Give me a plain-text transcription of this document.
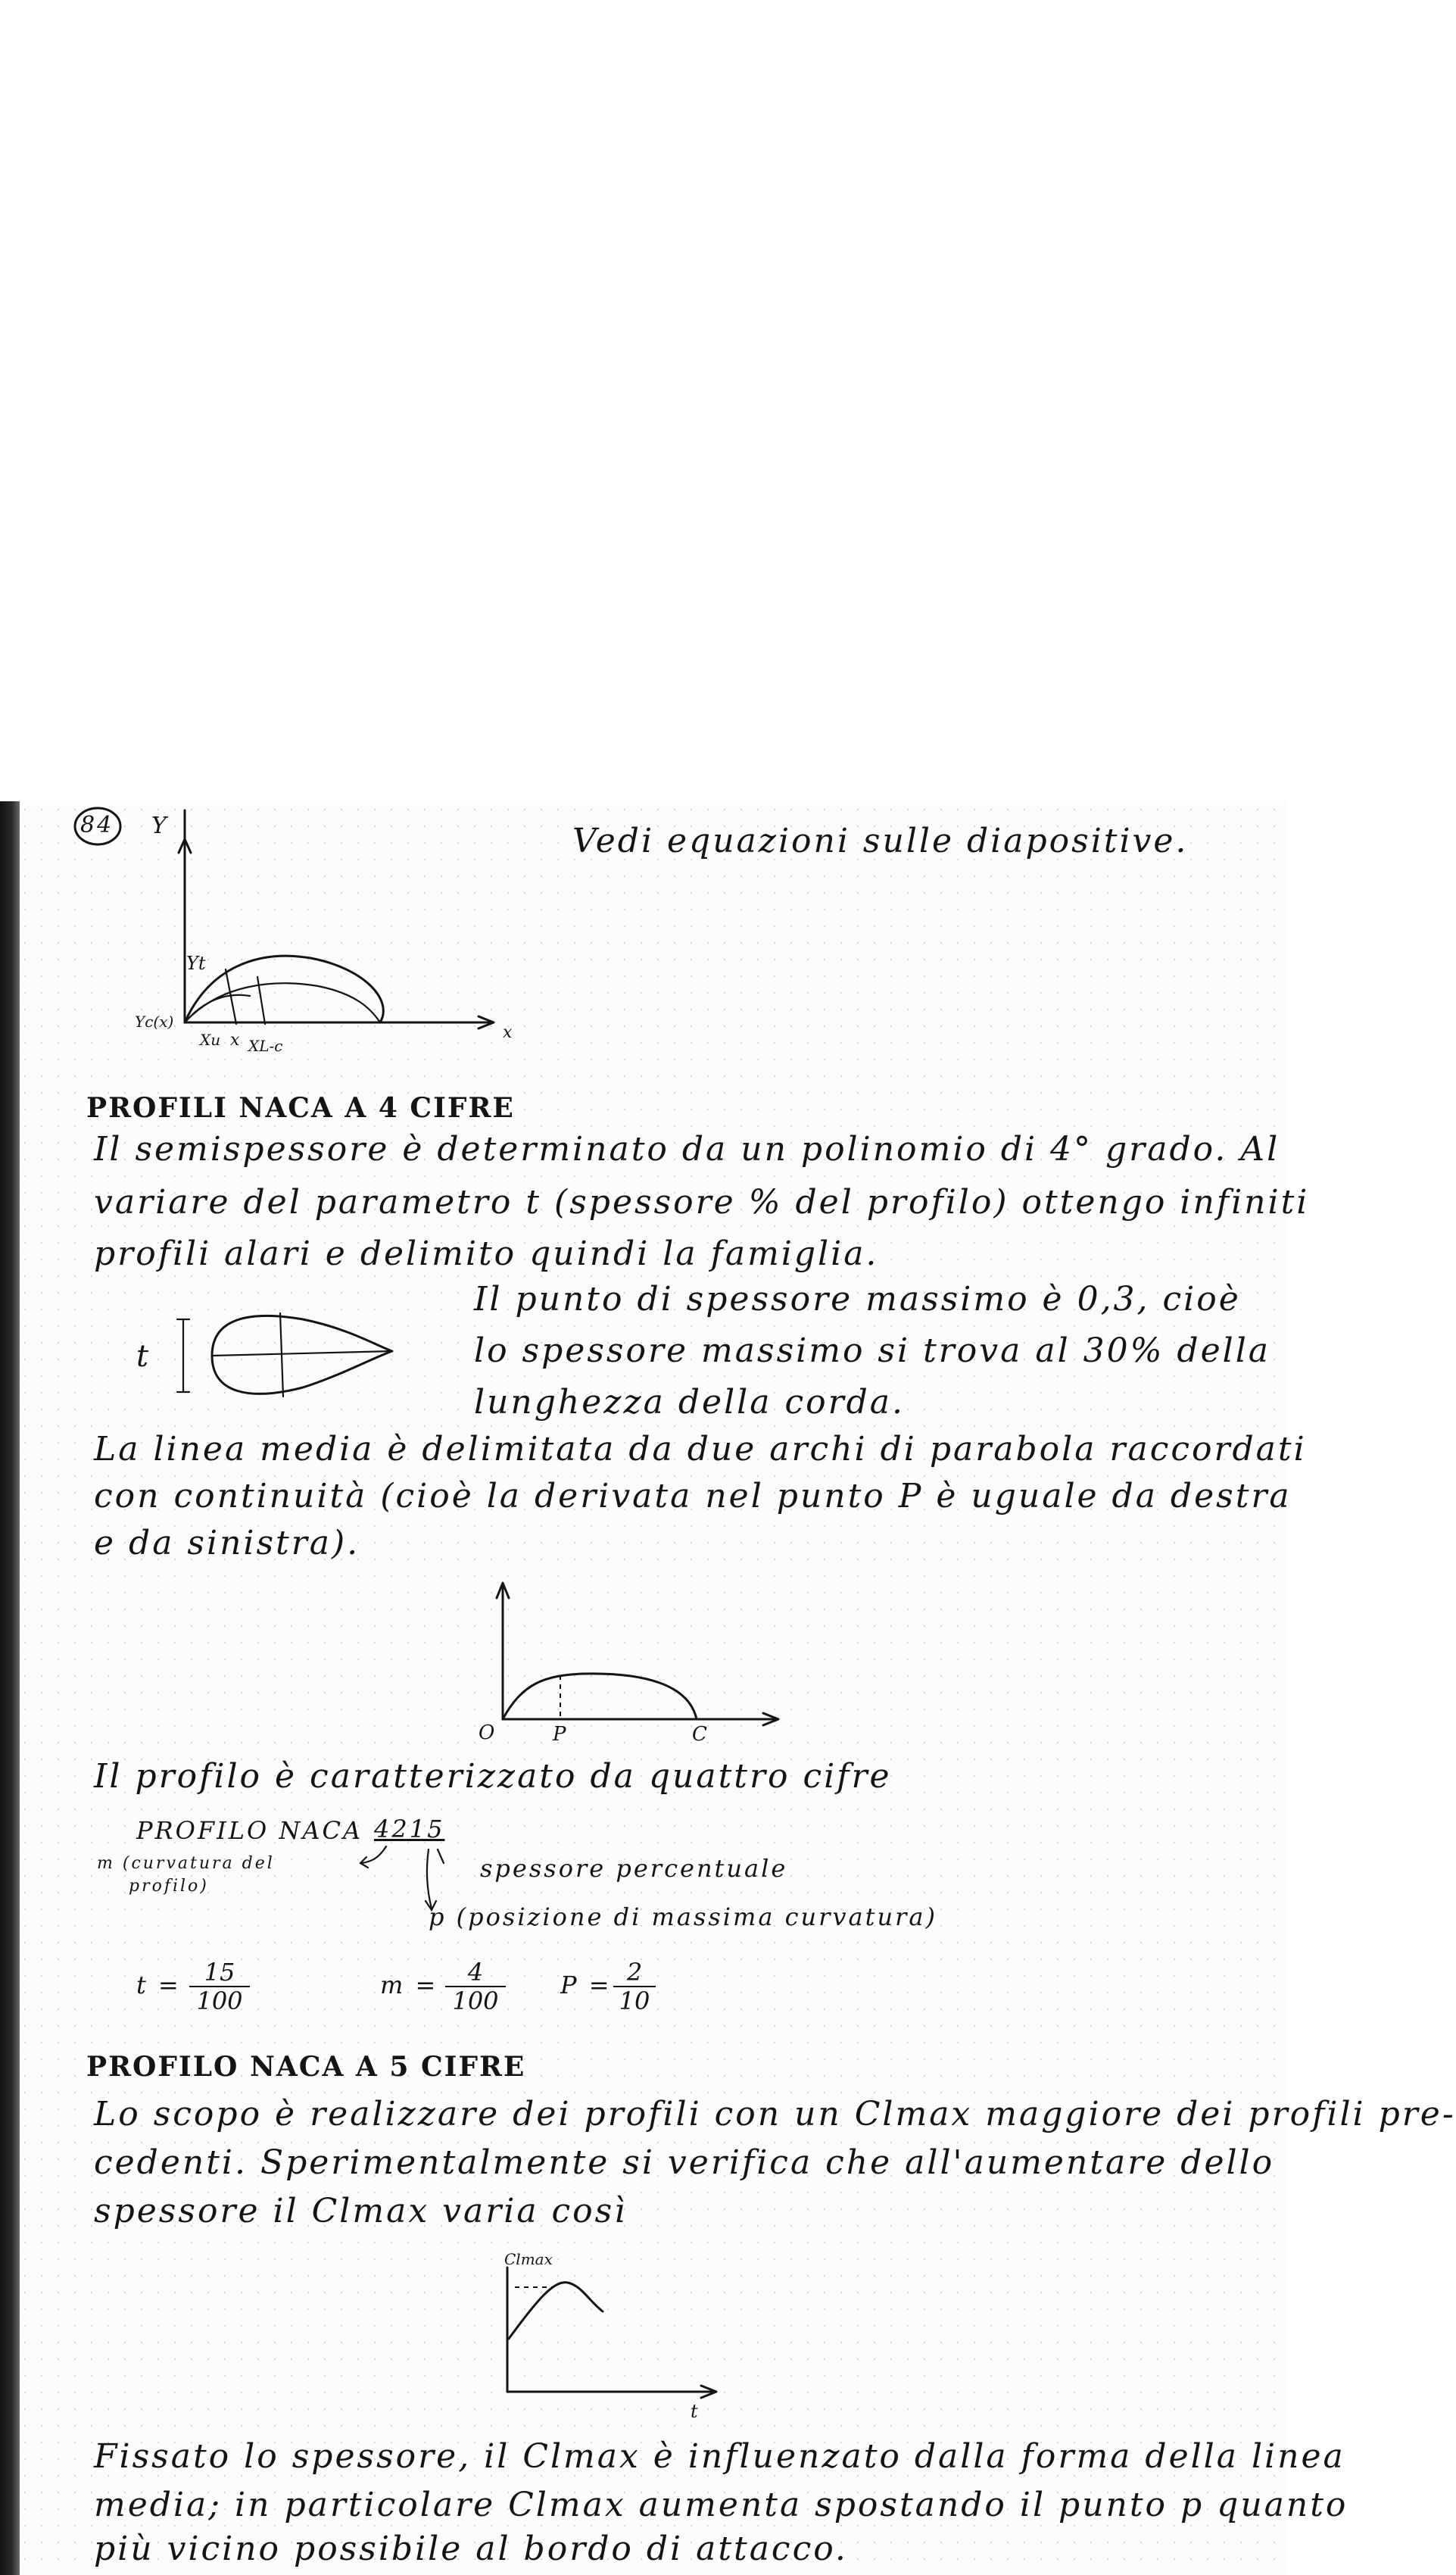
84	Vedi equazioni sulle diapositive.
Y
x
Yt
Yc(x)
Xu x XL-c
PROFILI NACA A 4 CIFRE
Il semispessore è determinato da un polinomio di 4° grado. Al
variare del parametro t (spessore % del profilo) ottengo infiniti
profili alari e delimito quindi la famiglia.
t
Il punto di spessore massimo è 0,3, cioè
lo spessore massimo si trova al 30% della
lunghezza della corda.
La linea media è delimitata da due archi di parabola raccordati
con continuità (cioè la derivata nel punto P è uguale da destra
e da sinistra).
O	P	C
Il profilo è caratterizzato da quattro cifre
PROFILO NACA 4215
m (curvatura del
profilo)
spessore percentuale
p (posizione di massima curvatura)
$t = \frac{15}{100}$	$m = \frac{4}{100}$ $P = \frac{2}{10}$
PROFILO NACA A 5 CIFRE
Lo scopo è realizzare dei profili con un Clmax maggiore dei profili pre-
cedenti. Sperimentalmente si verifica che all'aumentare dello
spessore il Clmax varia così
Clmax
t
Fissato lo spessore, il Clmax è influenzato dalla forma della linea
media; in particolare Clmax aumenta spostando il punto p quanto
più vicino possibile al bordo di attacco.
